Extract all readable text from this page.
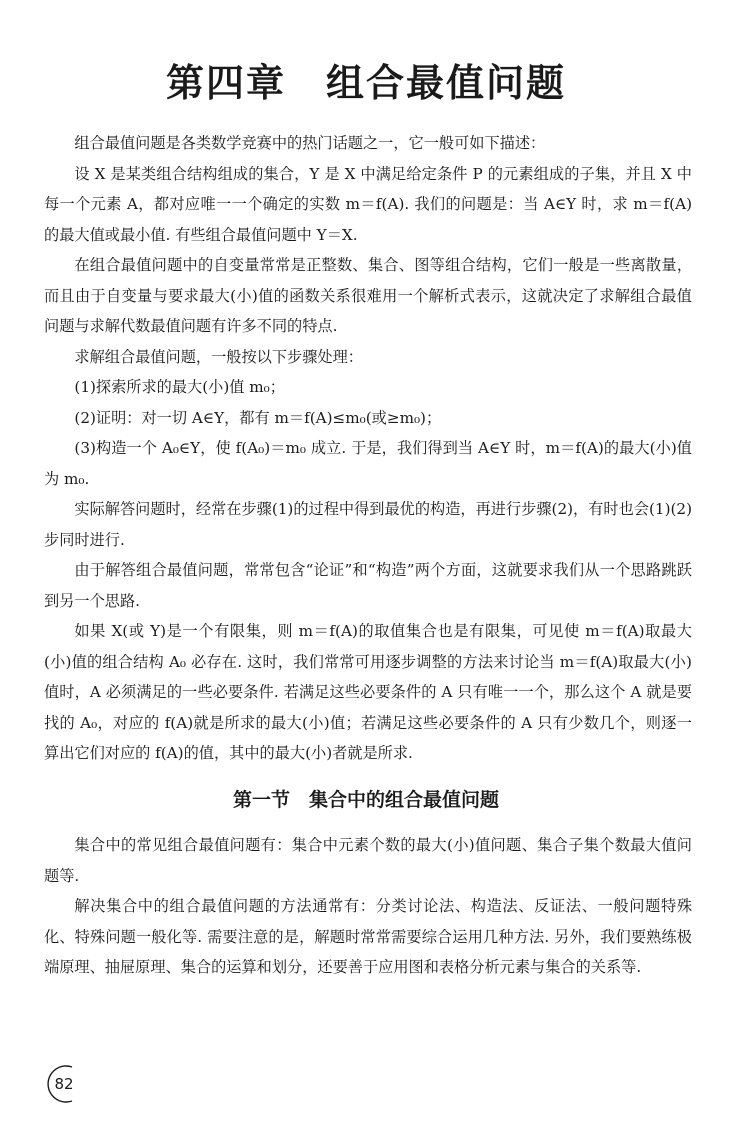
第四章　组合最值问题

组合最值问题是各类数学竞赛中的热门话题之一，它一般可如下描述：

设 X 是某类组合结构组成的集合，Y 是 X 中满足给定条件 P 的元素组成的子集，并且 X 中每一个元素 A，都对应唯一一个确定的实数 m＝f(A). 我们的问题是：当 A∈Y 时，求 m＝f(A)的最大值或最小值. 有些组合最值问题中 Y＝X.

在组合最值问题中的自变量常常是正整数、集合、图等组合结构，它们一般是一些离散量，而且由于自变量与要求最大(小)值的函数关系很难用一个解析式表示，这就决定了求解组合最值问题与求解代数最值问题有许多不同的特点.

求解组合最值问题，一般按以下步骤处理：

(1)探索所求的最大(小)值 m₀；

(2)证明：对一切 A∈Y，都有 m＝f(A)≤m₀(或≥m₀)；

(3)构造一个 A₀∈Y，使 f(A₀)＝m₀ 成立. 于是，我们得到当 A∈Y 时，m＝f(A)的最大(小)值为 m₀.

实际解答问题时，经常在步骤(1)的过程中得到最优的构造，再进行步骤(2)，有时也会(1)(2)步同时进行.

由于解答组合最值问题，常常包含“论证”和“构造”两个方面，这就要求我们从一个思路跳跃到另一个思路.

如果 X(或 Y)是一个有限集，则 m＝f(A)的取值集合也是有限集，可见使 m＝f(A)取最大(小)值的组合结构 A₀ 必存在. 这时，我们常常可用逐步调整的方法来讨论当 m＝f(A)取最大(小)值时，A 必须满足的一些必要条件. 若满足这些必要条件的 A 只有唯一一个，那么这个 A 就是要找的 A₀，对应的 f(A)就是所求的最大(小)值；若满足这些必要条件的 A 只有少数几个，则逐一算出它们对应的 f(A)的值，其中的最大(小)者就是所求.

第一节　集合中的组合最值问题

集合中的常见组合最值问题有：集合中元素个数的最大(小)值问题、集合子集个数最大值问题等.

解决集合中的组合最值问题的方法通常有：分类讨论法、构造法、反证法、一般问题特殊化、特殊问题一般化等. 需要注意的是，解题时常常需要综合运用几种方法. 另外，我们要熟练极端原理、抽屉原理、集合的运算和划分，还要善于应用图和表格分析元素与集合的关系等.

82
